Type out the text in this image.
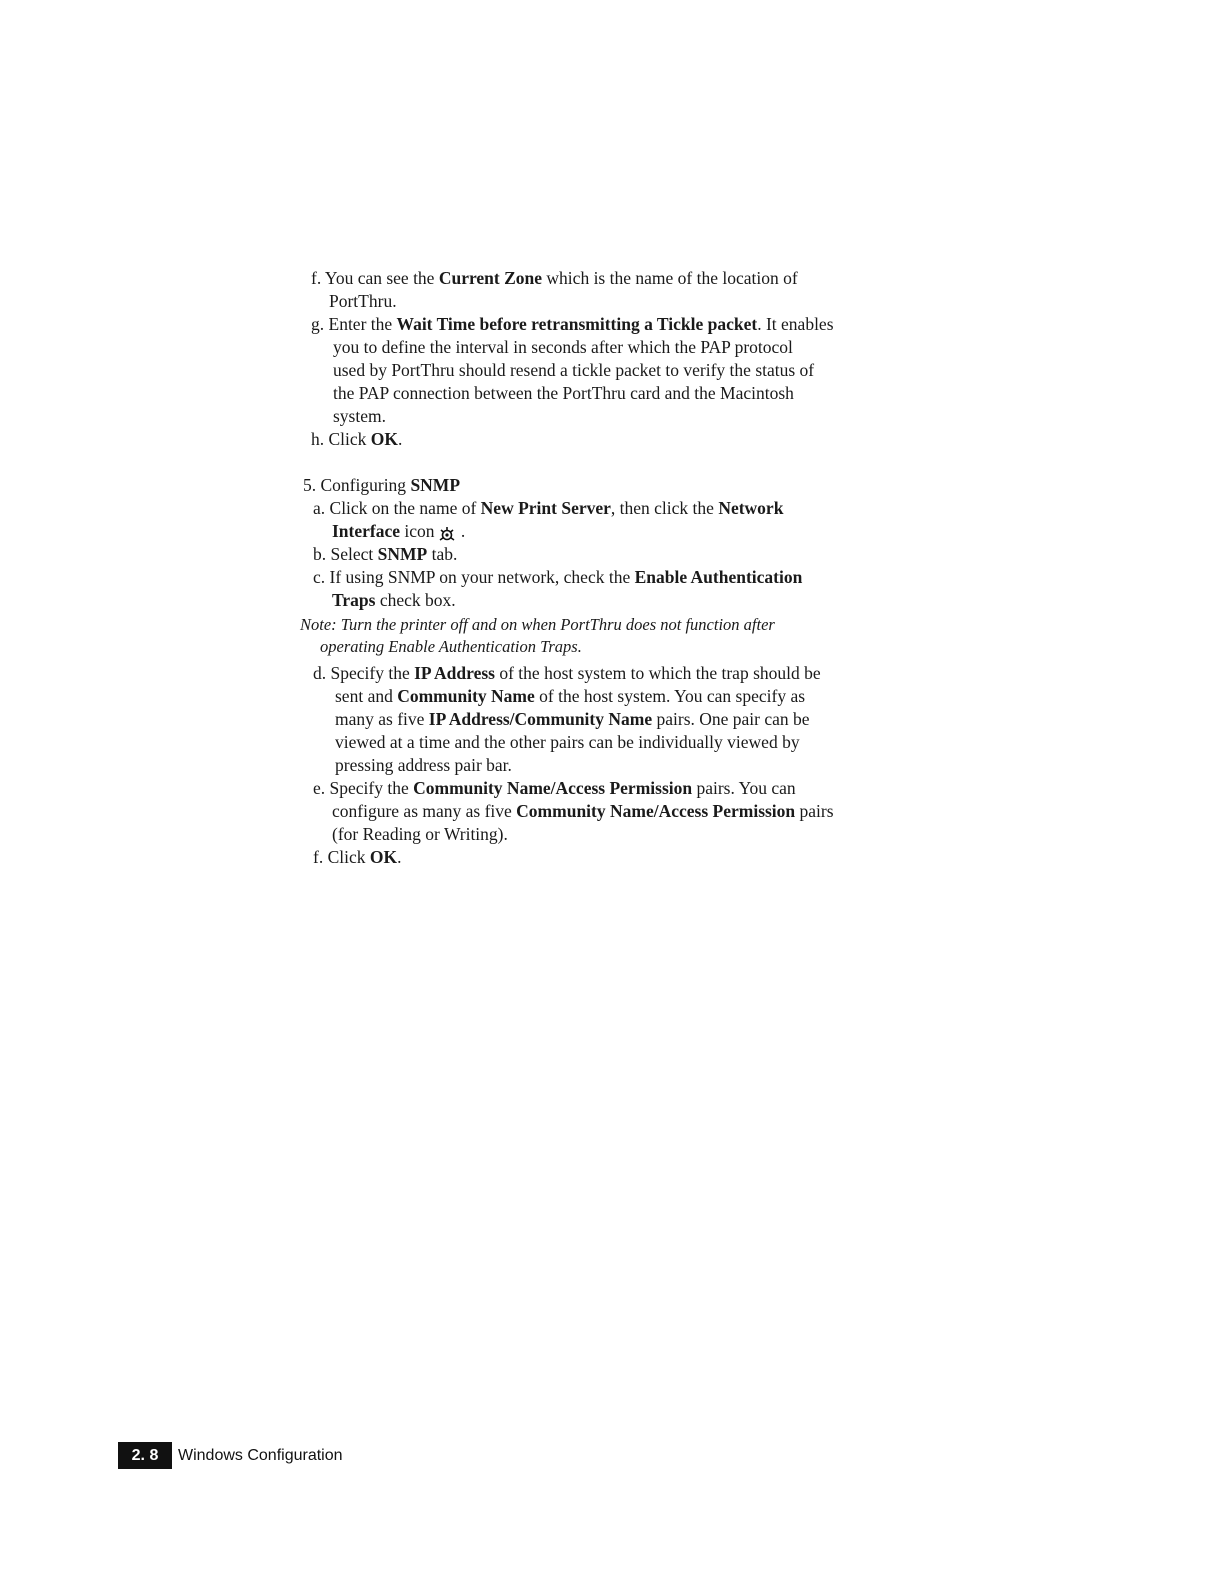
f. You can see the Current Zone which is the name of the location of
PortThru.
g. Enter the Wait Time before retransmitting a Tickle packet. It enables
you to define the interval in seconds after which the PAP protocol
used by PortThru should resend a tickle packet to verify the status of
the PAP connection between the PortThru card and the Macintosh
system.
h. Click OK.
5. Configuring SNMP
a. Click on the name of New Print Server, then click the Network
Interface icon .
b. Select SNMP tab.
c. If using SNMP on your network, check the Enable Authentication
Traps check box.
Note: Turn the printer off and on when PortThru does not function after
operating Enable Authentication Traps.
d. Specify the IP Address of the host system to which the trap should be
sent and Community Name of the host system. You can specify as
many as five IP Address/Community Name pairs. One pair can be
viewed at a time and the other pairs can be individually viewed by
pressing address pair bar.
e. Specify the Community Name/Access Permission pairs. You can
configure as many as five Community Name/Access Permission pairs
(for Reading or Writing).
f. Click OK.
2. 8	Windows Configuration
